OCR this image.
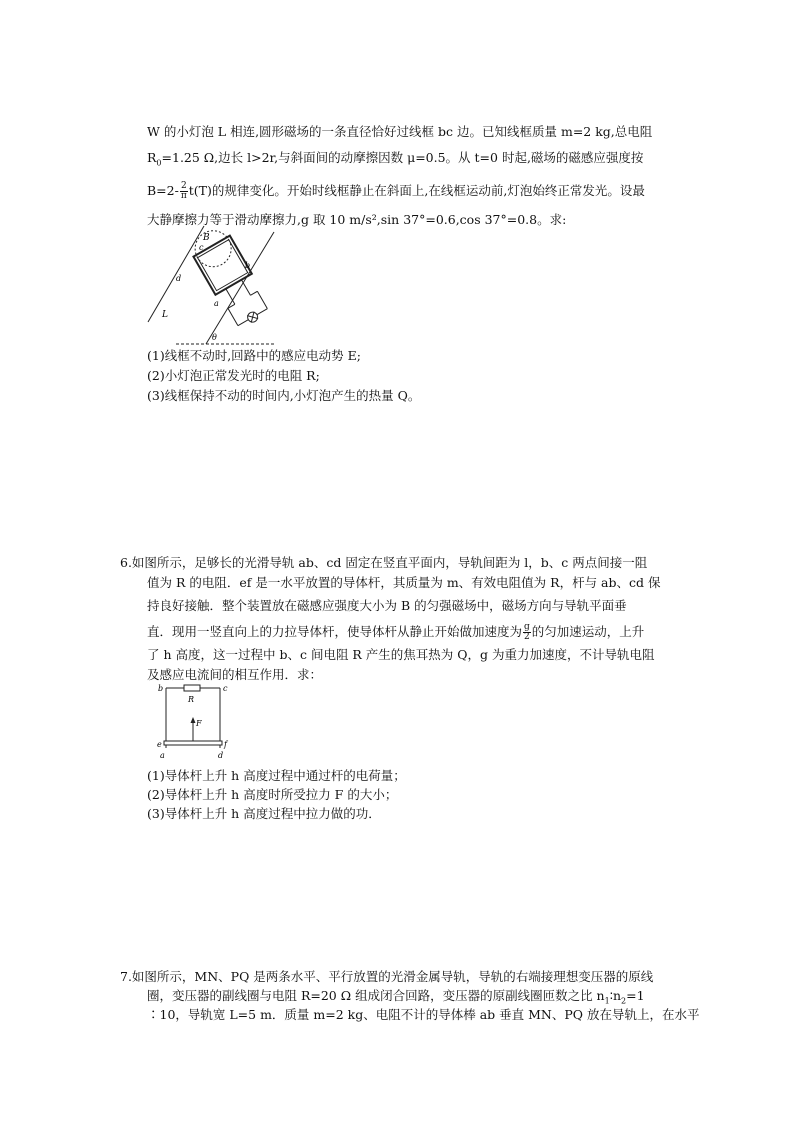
W 的小灯泡 L 相连,圆形磁场的一条直径恰好过线框 bc 边。已知线框质量 m=2 kg,总电阻
$R_0=1.25$ Ω,边长 l>2r,与斜面间的动摩擦因数 μ=0.5。从 t=0 时起,磁场的磁感应强度按
$B=2- \frac{2}{\pi} t(T)$的规律变化。开始时线框静止在斜面上,在线框运动前,灯泡始终正常发光。设最
大静摩擦力等于滑动摩擦力,g 取 10 m/s²,sin 37°=0.6,cos 37°=0.8。求:
B
c
b
d
a
L
θ
(1)线框不动时,回路中的感应电动势 E;
(2)小灯泡正常发光时的电阻 R;
(3)线框保持不动的时间内,小灯泡产生的热量 Q。
6.如图所示，足够长的光滑导轨 ab、cd 固定在竖直平面内，导轨间距为 l，b、c 两点间接一阻
值为 R 的电阻．ef 是一水平放置的导体杆，其质量为 m、有效电阻值为 R，杆与 ab、cd 保
持良好接触．整个装置放在磁感应强度大小为 B 的匀强磁场中，磁场方向与导轨平面垂
直．现用一竖直向上的力拉导体杆，使导体杆从静止开始做加速度为 $\frac{g}{2}$ 的匀加速运动，上升
了 h 高度，这一过程中 b、c 间电阻 R 产生的焦耳热为 Q，g 为重力加速度，不计导轨电阻
及感应电流间的相互作用．求：
b	c
R
F
e	f
a	d
(1)导体杆上升 h 高度过程中通过杆的电荷量；
(2)导体杆上升 h 高度时所受拉力 F 的大小；
(3)导体杆上升 h 高度过程中拉力做的功．
7.如图所示，MN、PQ 是两条水平、平行放置的光滑金属导轨，导轨的右端接理想变压器的原线
圈，变压器的副线圈与电阻 R=20 Ω 组成闭合回路，变压器的原副线圈匝数之比 $n_1∶n_2=1$
∶10，导轨宽 L=5 m．质量 m=2 kg、电阻不计的导体棒 ab 垂直 MN、PQ 放在导轨上，在水平
